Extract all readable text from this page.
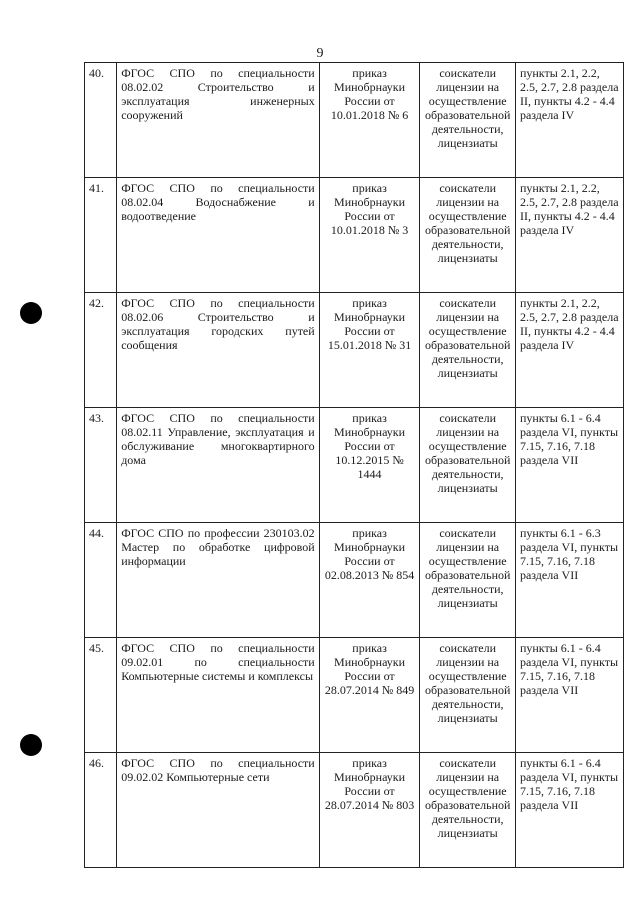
9
40.	ФГОС СПО по специальности 08.02.02 Строительство и эксплуатация инженерных сооружений	приказ Минобрнауки России от 10.01.2018 № 6	соискатели лицензии на осуществление образовательной деятельности, лицензиаты	пункты 2.1, 2.2, 2.5, 2.7, 2.8 раздела II, пункты 4.2 - 4.4 раздела IV
41.	ФГОС СПО по специальности 08.02.04 Водоснабжение и водоотведение	приказ Минобрнауки России от 10.01.2018 № 3	соискатели лицензии на осуществление образовательной деятельности, лицензиаты	пункты 2.1, 2.2, 2.5, 2.7, 2.8 раздела II, пункты 4.2 - 4.4 раздела IV
42.	ФГОС СПО по специальности 08.02.06 Строительство и эксплуатация городских путей сообщения	приказ Минобрнауки России от 15.01.2018 № 31	соискатели лицензии на осуществление образовательной деятельности, лицензиаты	пункты 2.1, 2.2, 2.5, 2.7, 2.8 раздела II, пункты 4.2 - 4.4 раздела IV
43.	ФГОС СПО по специальности 08.02.11 Управление, эксплуатация и обслуживание многоквартирного дома	приказ Минобрнауки России от 10.12.2015 № 1444	соискатели лицензии на осуществление образовательной деятельности, лицензиаты	пункты 6.1 - 6.4 раздела VI, пункты 7.15, 7.16, 7.18 раздела VII
44.	ФГОС СПО по профессии 230103.02 Мастер по обработке цифровой информации	приказ Минобрнауки России от 02.08.2013 № 854	соискатели лицензии на осуществление образовательной деятельности, лицензиаты	пункты 6.1 - 6.3 раздела VI, пункты 7.15, 7.16, 7.18 раздела VII
45.	ФГОС СПО по специальности 09.02.01 по специальности Компьютерные системы и комплексы	приказ Минобрнауки России от 28.07.2014 № 849	соискатели лицензии на осуществление образовательной деятельности, лицензиаты	пункты 6.1 - 6.4 раздела VI, пункты 7.15, 7.16, 7.18 раздела VII
46.	ФГОС СПО по специальности 09.02.02 Компьютерные сети	приказ Минобрнауки России от 28.07.2014 № 803	соискатели лицензии на осуществление образовательной деятельности, лицензиаты	пункты 6.1 - 6.4 раздела VI, пункты 7.15, 7.16, 7.18 раздела VII
